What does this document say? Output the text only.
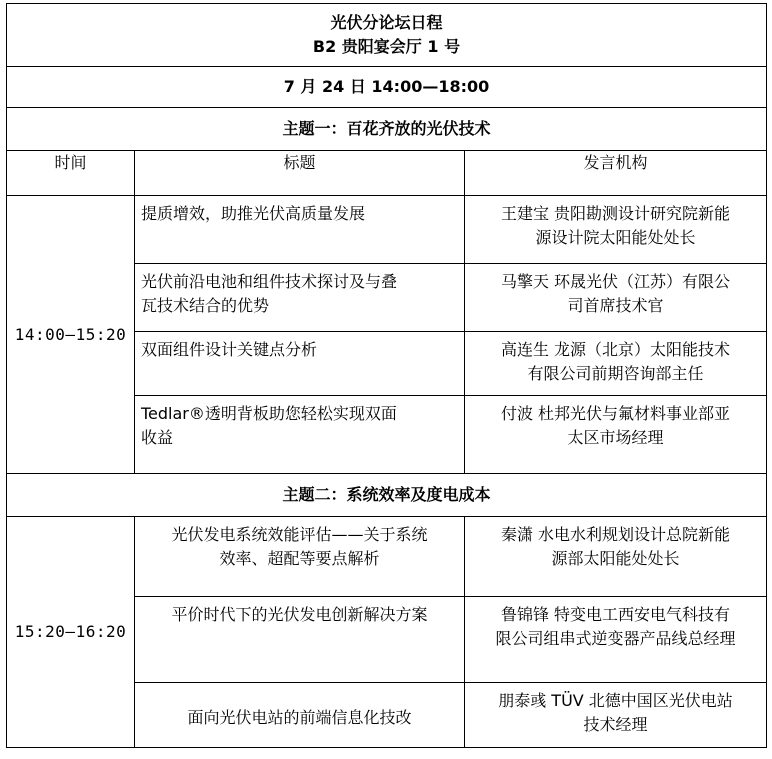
光伏分论坛日程
B2 贵阳宴会厅 1 号		

7 月 24 日 14:00—18:00		
主题一：百花齐放的光伏技术		
时间	标题	发言机构
14:00—15:20	提质增效，助推光伏高质量发展	王建宝 贵阳勘测设计研究院新能
源设计院太阳能处处长

	光伏前沿电池和组件技术探讨及与叠
瓦技术结合的优势	马擎天 环晟光伏（江苏）有限公
司首席技术官

	双面组件设计关键点分析	高连生 龙源（北京）太阳能技术
有限公司前期咨询部主任

	Tedlar®透明背板助您轻松实现双面
收益	付波 杜邦光伏与氟材料事业部亚
太区市场经理

主题二：系统效率及度电成本		
15:20—16:20	光伏发电系统效能评估——关于系统
效率、超配等要点解析	秦潇 水电水利规划设计总院新能
源部太阳能处处长

	平价时代下的光伏发电创新解决方案	鲁锦锋 特变电工西安电气科技有
限公司组串式逆变器产品线总经理

	面向光伏电站的前端信息化技改	朋泰彧 TÜV 北德中国区光伏电站
技术经理
